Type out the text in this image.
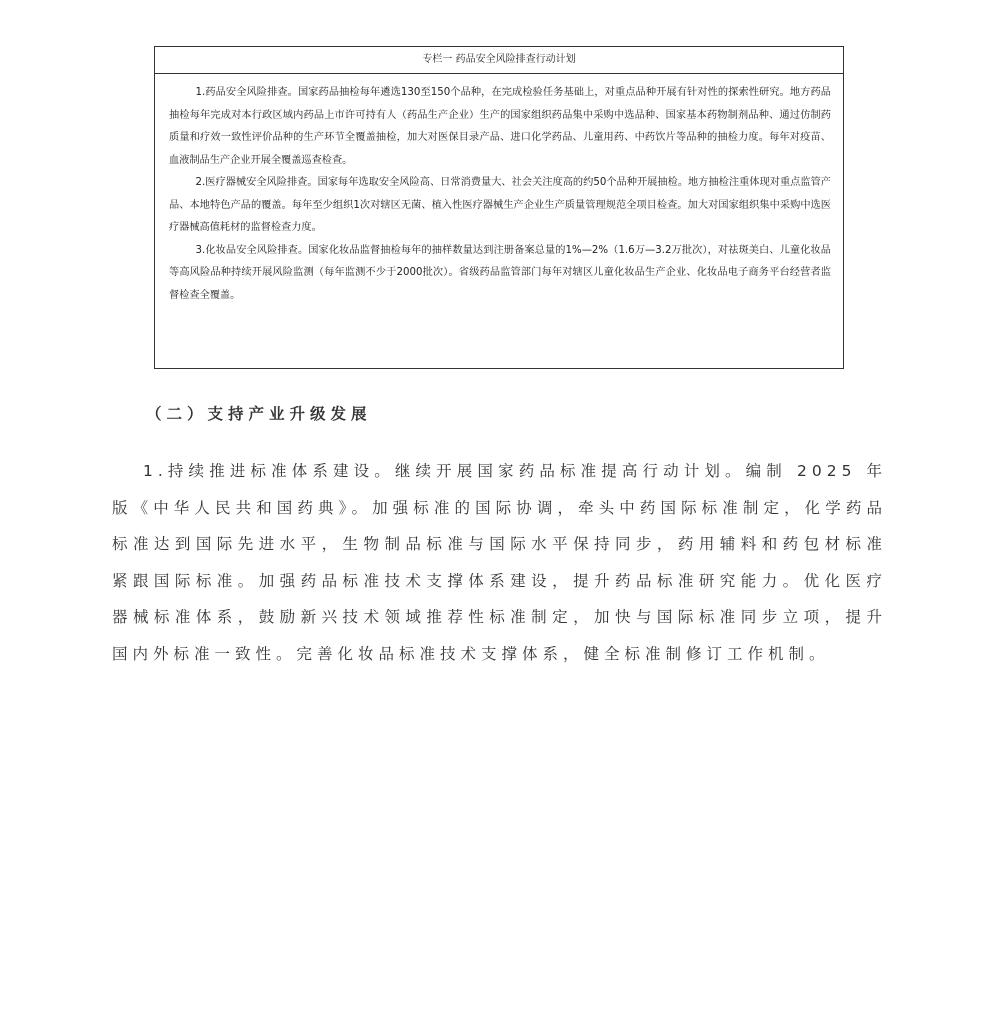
专栏一 药品安全风险排查行动计划

1.药品安全风险排查。国家药品抽检每年遴选130至150个品种，在完成检验任务基础上，对重点品种开展有针对性的探索性研究。地方药品抽检每年完成对本行政区域内药品上市许可持有人（药品生产企业）生产的国家组织药品集中采购中选品种、国家基本药物制剂品种、通过仿制药质量和疗效一致性评价品种的生产环节全覆盖抽检，加大对医保目录产品、进口化学药品、儿童用药、中药饮片等品种的抽检力度。每年对疫苗、血液制品生产企业开展全覆盖巡查检查。

2.医疗器械安全风险排查。国家每年选取安全风险高、日常消费量大、社会关注度高的约50个品种开展抽检。地方抽检注重体现对重点监管产品、本地特色产品的覆盖。每年至少组织1次对辖区无菌、植入性医疗器械生产企业生产质量管理规范全项目检查。加大对国家组织集中采购中选医疗器械高值耗材的监督检查力度。

3.化妆品安全风险排查。国家化妆品监督抽检每年的抽样数量达到注册备案总量的1%—2%（1.6万—3.2万批次），对祛斑美白、儿童化妆品等高风险品种持续开展风险监测（每年监测不少于2000批次）。省级药品监管部门每年对辖区儿童化妆品生产企业、化妆品电子商务平台经营者监督检查全覆盖。

（二）支持产业升级发展

1.持续推进标准体系建设。继续开展国家药品标准提高行动计划。编制 2025 年版《中华人民共和国药典》。加强标准的国际协调，牵头中药国际标准制定，化学药品标准达到国际先进水平，生物制品标准与国际水平保持同步，药用辅料和药包材标准紧跟国际标准。加强药品标准技术支撑体系建设，提升药品标准研究能力。优化医疗器械标准体系，鼓励新兴技术领域推荐性标准制定，加快与国际标准同步立项，提升国内外标准一致性。完善化妆品标准技术支撑体系，健全标准制修订工作机制。
